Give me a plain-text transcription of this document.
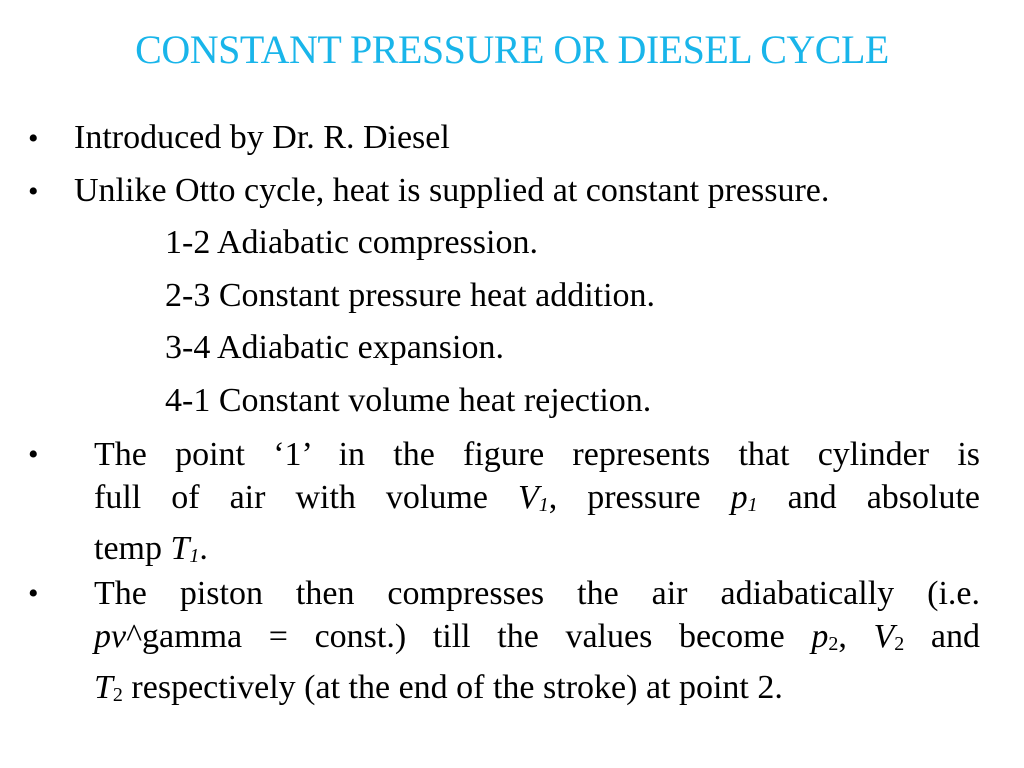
CONSTANT PRESSURE OR DIESEL CYCLE
• Introduced by Dr. R. Diesel
• Unlike Otto cycle, heat is supplied at constant pressure.
1-2 Adiabatic compression.
2-3 Constant pressure heat addition.
3-4 Adiabatic expansion.
4-1 Constant volume heat rejection.
• The point ‘1’ in the figure represents that cylinder is
full of air with volume $V_1$, pressure $p_1$ and absolute
temp $T_1$.
• The piston then compresses the air adiabatically (i.e.
pv^gamma = const.) till the values become $p_2$, $V_2$ and
$T_2$ respectively (at the end of the stroke) at point 2.
